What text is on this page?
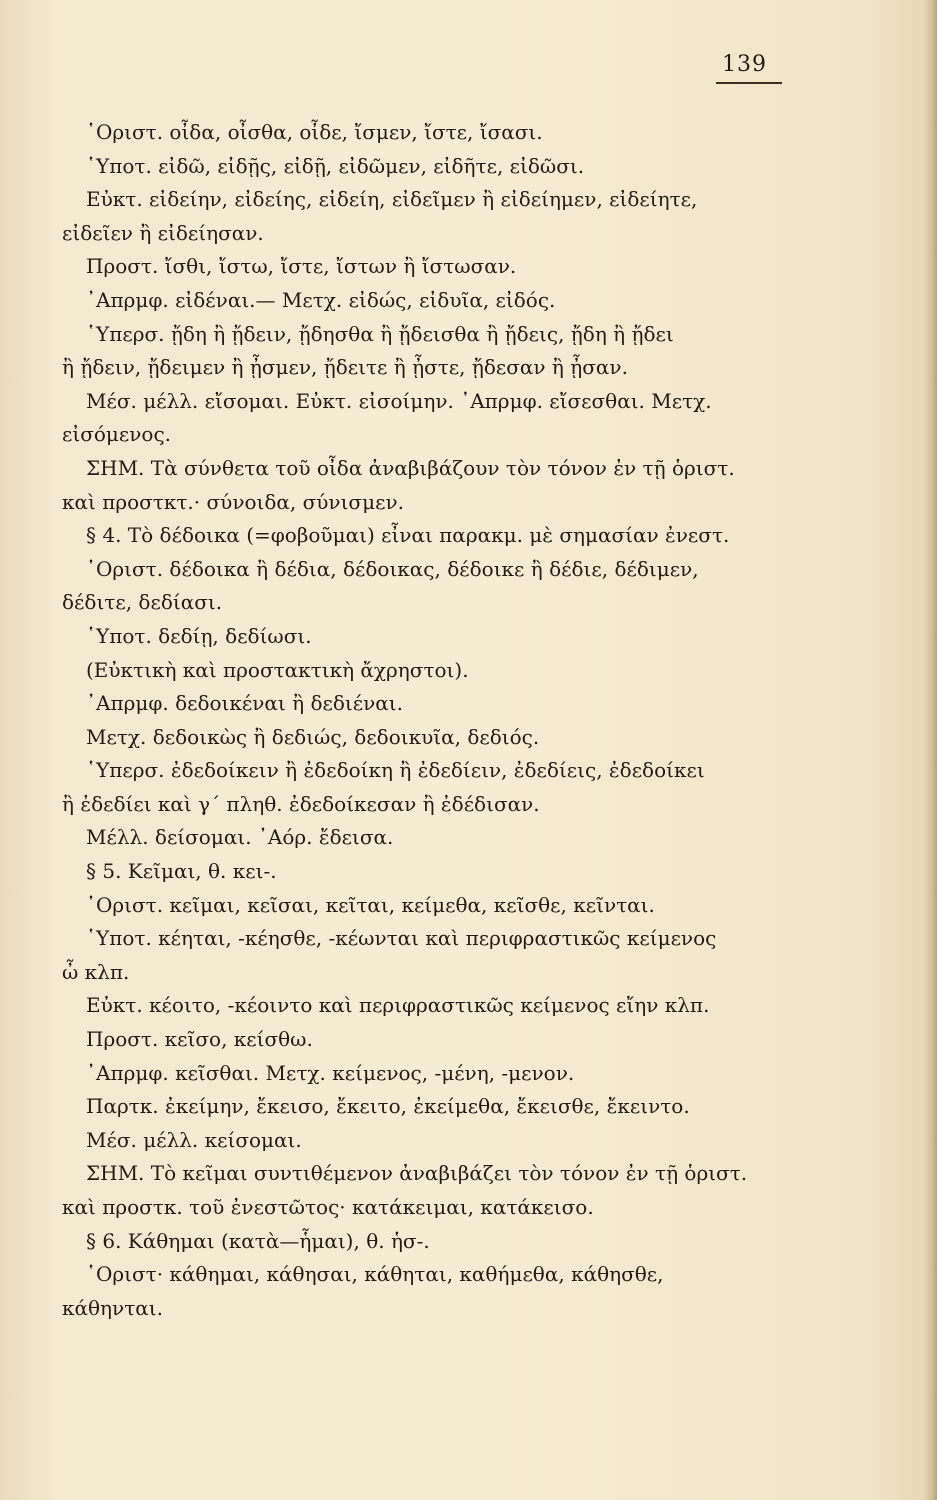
139
῾Οριστ. οἶδα, οἶσθα, οἶδε, ἴσμεν, ἴστε, ἴσασι.
῾Υποτ. εἰδῶ, εἰδῇς, εἰδῇ, εἰδῶμεν, εἰδῆτε, εἰδῶσι.
Εὐκτ. εἰδείην, εἰδείης, εἰδείη, εἰδεῖμεν ἢ εἰδείημεν, εἰδείητε,
εἰδεῖεν ἢ εἰδείησαν.
Προστ. ἴσθι, ἴστω, ἴστε, ἴστων ἢ ἴστωσαν.
᾿Απρμφ. εἰδέναι.— Μετχ. εἰδώς, εἰδυῖα, εἰδός.
῾Υπερσ. ᾔδη ἢ ᾔδειν, ᾔδησθα ἢ ᾔδεισθα ἢ ᾔδεις, ᾔδη ἢ ᾔδει
ἢ ᾔδειν, ᾔδειμεν ἢ ᾖσμεν, ᾔδειτε ἢ ᾖστε, ᾔδεσαν ἢ ᾖσαν.
Μέσ. μέλλ. εἴσομαι. Εὐκτ. εἰσοίμην. ᾿Απρμφ. εἴσεσθαι. Μετχ.
εἰσόμενος.
ΣΗΜ. Τὰ σύνθετα τοῦ οἶδα ἀναβιβάζουν τὸν τόνον ἐν τῇ ὁριστ.
καὶ προστκτ.· σύνοιδα, σύνισμεν.
§ 4. Τὸ δέδοικα (=φοβοῦμαι) εἶναι παρακμ. μὲ σημασίαν ἐνεστ.
῾Οριστ. δέδοικα ἢ δέδια, δέδοικας, δέδοικε ἢ δέδιε, δέδιμεν,
δέδιτε, δεδίασι.
῾Υποτ. δεδίῃ, δεδίωσι.
(Εὐκτικὴ καὶ προστακτικὴ ἄχρηστοι).
᾿Απρμφ. δεδοικέναι ἢ δεδιέναι.
Μετχ. δεδοικὼς ἢ δεδιώς, δεδοικυῖα, δεδιός.
῾Υπερσ. ἐδεδοίκειν ἢ ἐδεδοίκη ἢ ἐδεδίειν, ἐδεδίεις, ἐδεδοίκει
ἢ ἐδεδίει καὶ γ΄ πληθ. ἐδεδοίκεσαν ἢ ἐδέδισαν.
Μέλλ. δείσομαι. ᾿Αόρ. ἔδεισα.
§ 5. Κεῖμαι, θ. κει-.
῾Οριστ. κεῖμαι, κεῖσαι, κεῖται, κείμεθα, κεῖσθε, κεῖνται.
῾Υποτ. κέηται, -κέησθε, -κέωνται καὶ περιφραστικῶς κείμενος
ὦ κλπ.
Εὐκτ. κέοιτο, -κέοιντο καὶ περιφραστικῶς κείμενος εἴην κλπ.
Προστ. κεῖσο, κείσθω.
᾿Απρμφ. κεῖσθαι. Μετχ. κείμενος, -μένη, -μενον.
Παρτκ. ἐκείμην, ἔκεισο, ἔκειτο, ἐκείμεθα, ἔκεισθε, ἔκειντο.
Μέσ. μέλλ. κείσομαι.
ΣΗΜ. Τὸ κεῖμαι συντιθέμενον ἀναβιβάζει τὸν τόνον ἐν τῇ ὁριστ.
καὶ προστκ. τοῦ ἐνεστῶτος· κατάκειμαι, κατάκεισο.
§ 6. Κάθημαι (κατὰ—ἧμαι), θ. ἡσ-.
῾Οριστ· κάθημαι, κάθησαι, κάθηται, καθήμεθα, κάθησθε,
κάθηνται.
